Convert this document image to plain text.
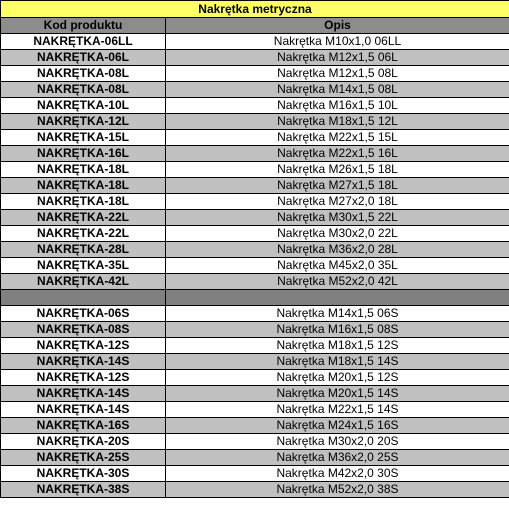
Nakrętka metryczna	
Kod produktu	Opis
NAKRĘTKA-06LL	Nakrętka M10x1,0 06LL
NAKRĘTKA-06L	Nakrętka M12x1,5 06L
NAKRĘTKA-08L	Nakrętka M12x1,5 08L
NAKRĘTKA-08L	Nakrętka M14x1,5 08L
NAKRĘTKA-10L	Nakrętka M16x1,5 10L
NAKRĘTKA-12L	Nakrętka M18x1,5 12L
NAKRĘTKA-15L	Nakrętka M22x1,5 15L
NAKRĘTKA-16L	Nakrętka M22x1,5 16L
NAKRĘTKA-18L	Nakrętka M26x1,5 18L
NAKRĘTKA-18L	Nakrętka M27x1,5 18L
NAKRĘTKA-18L	Nakrętka M27x2,0 18L
NAKRĘTKA-22L	Nakrętka M30x1,5 22L
NAKRĘTKA-22L	Nakrętka M30x2,0 22L
NAKRĘTKA-28L	Nakrętka M36x2,0 28L
NAKRĘTKA-35L	Nakrętka M45x2,0 35L
NAKRĘTKA-42L	Nakrętka M52x2,0 42L

NAKRĘTKA-06S	Nakrętka M14x1,5 06S
NAKRĘTKA-08S	Nakrętka M16x1,5 08S
NAKRĘTKA-12S	Nakrętka M18x1,5 12S
NAKRĘTKA-14S	Nakrętka M18x1,5 14S
NAKRĘTKA-12S	Nakrętka M20x1,5 12S
NAKRĘTKA-14S	Nakrętka M20x1,5 14S
NAKRĘTKA-14S	Nakrętka M22x1,5 14S
NAKRĘTKA-16S	Nakrętka M24x1,5 16S
NAKRĘTKA-20S	Nakrętka M30x2,0 20S
NAKRĘTKA-25S	Nakrętka M36x2,0 25S
NAKRĘTKA-30S	Nakrętka M42x2,0 30S
NAKRĘTKA-38S	Nakrętka M52x2,0 38S
